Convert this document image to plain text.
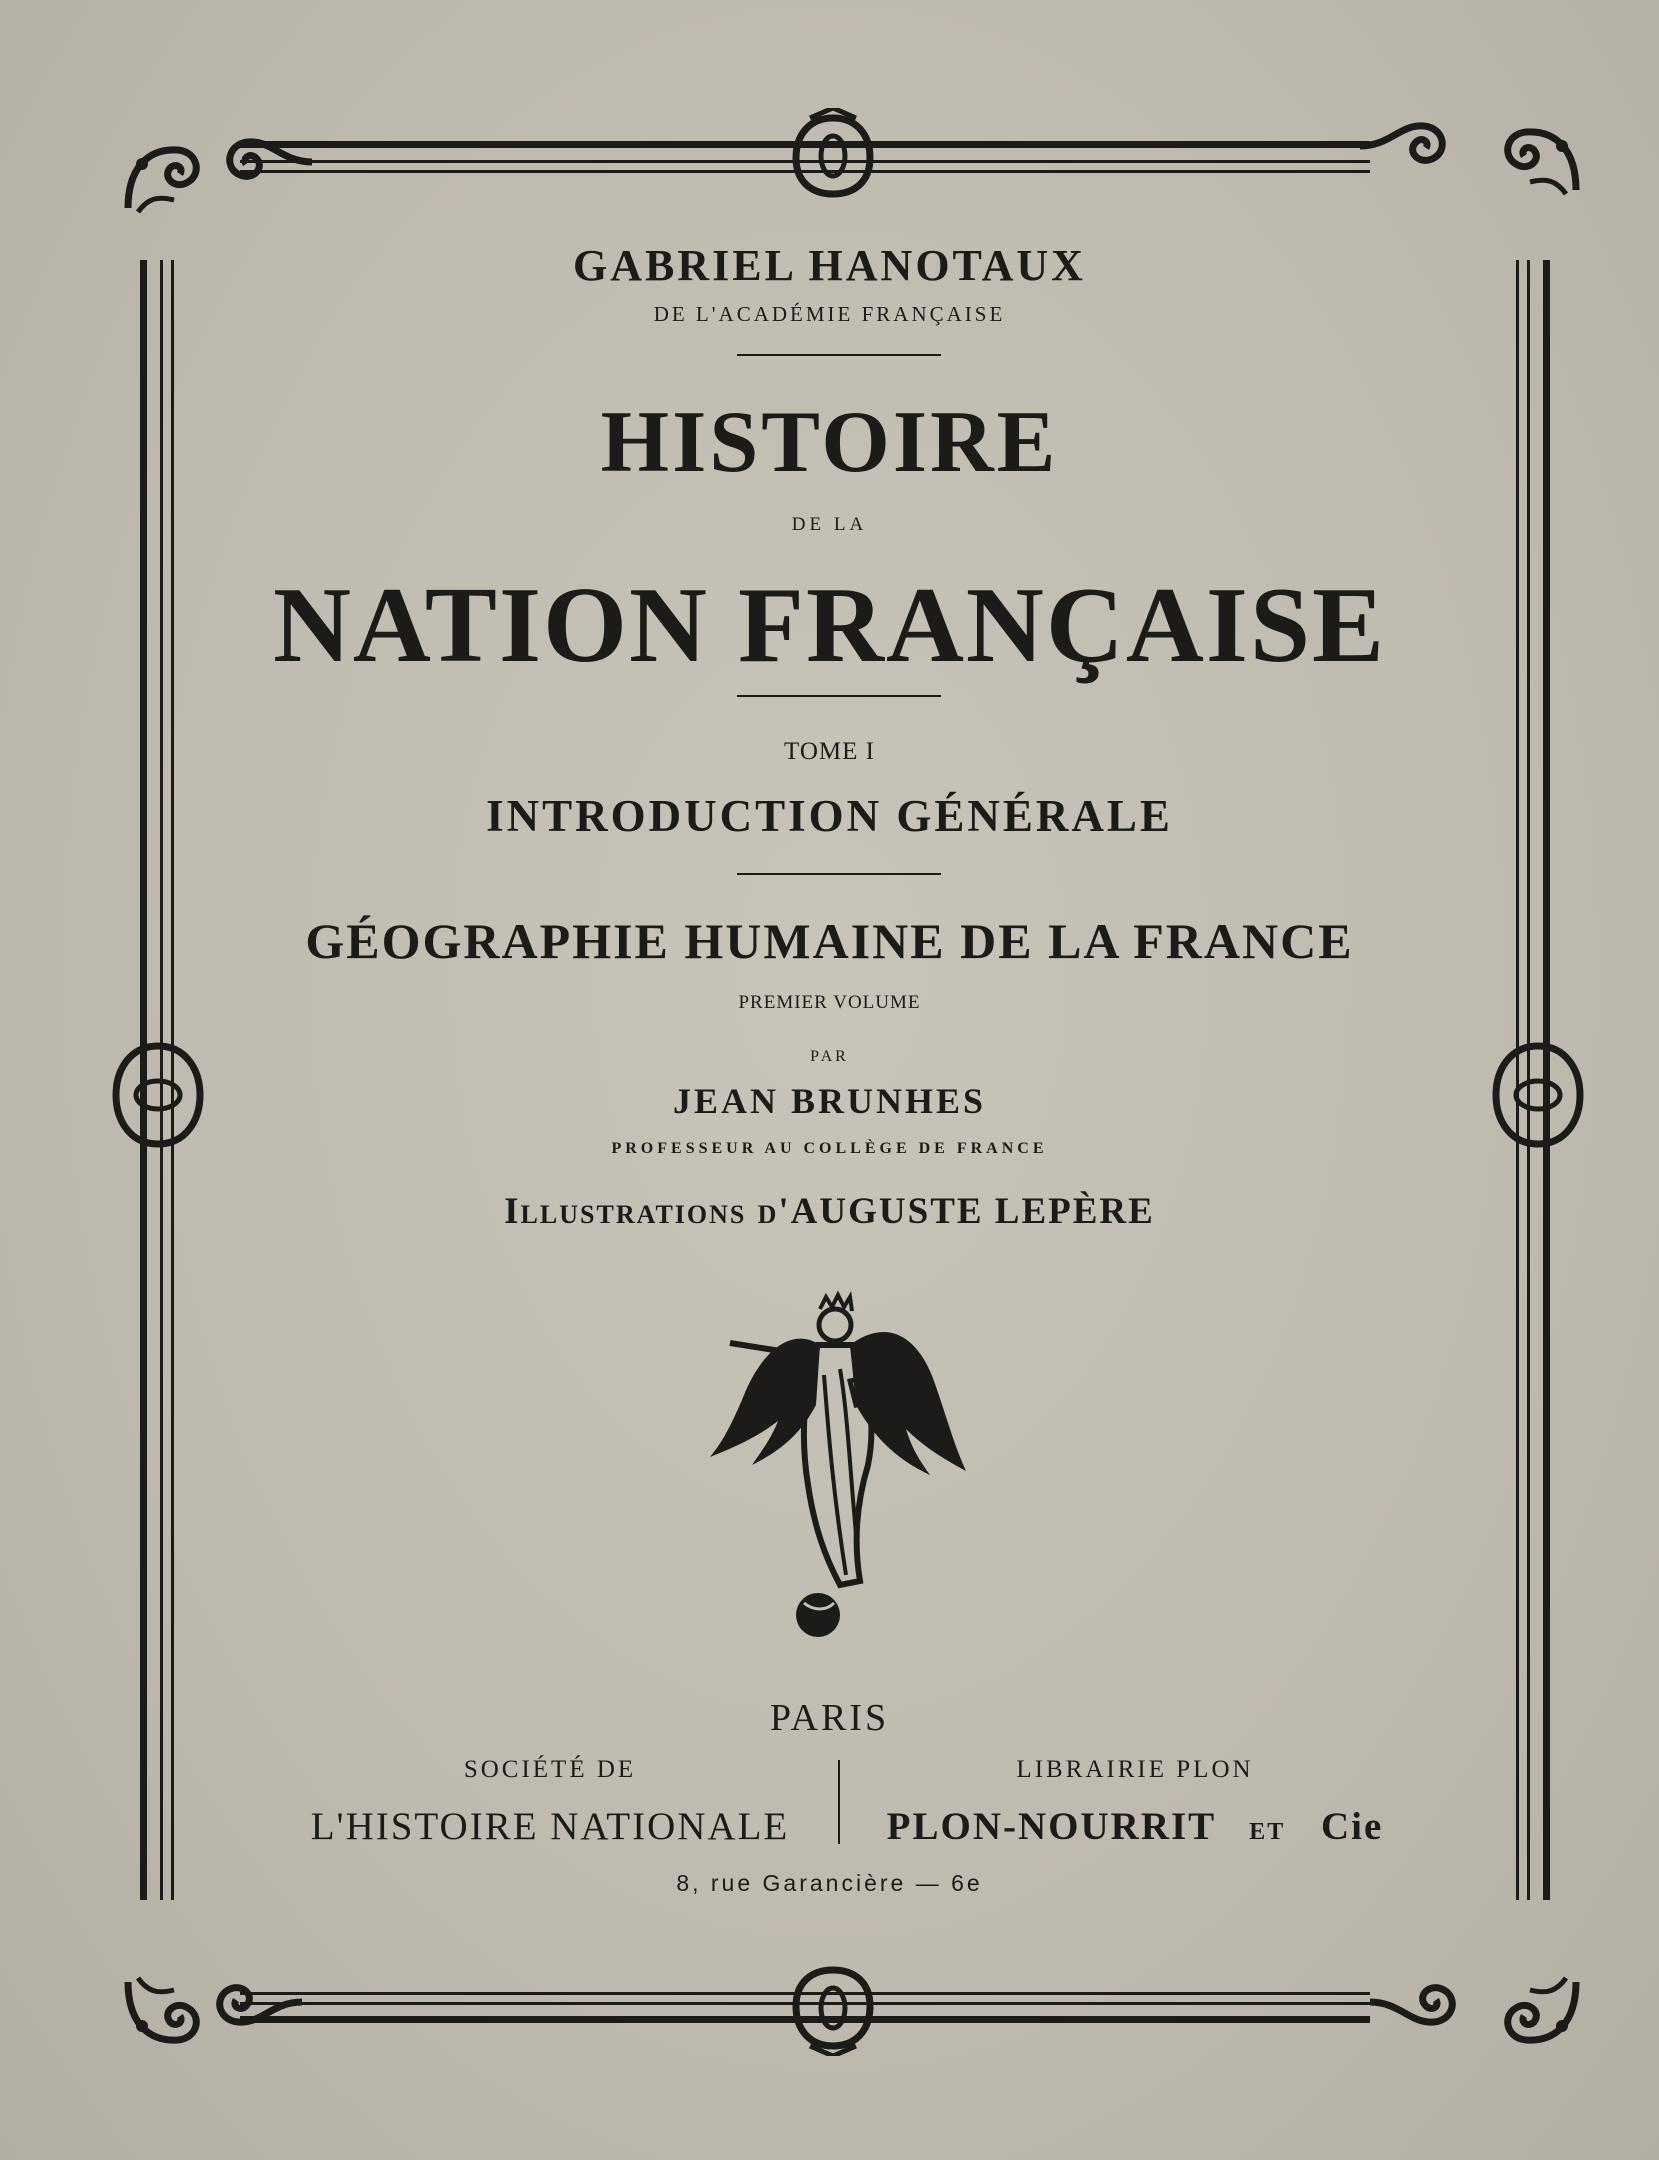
GABRIEL HANOTAUX
DE L'ACADÉMIE FRANÇAISE
HISTOIRE
DE LA
NATION FRANÇAISE
TOME I
INTRODUCTION GÉNÉRALE
GÉOGRAPHIE HUMAINE DE LA FRANCE
PREMIER VOLUME
PAR
JEAN BRUNHES
PROFESSEUR AU COLLÈGE DE FRANCE
Illustrations d'AUGUSTE LEPÈRE
PARIS
SOCIÉTÉ DE
L'HISTOIRE NATIONALE
LIBRAIRIE PLON
PLON-NOURRIT ET Cie
8, rue Garancière — 6e
